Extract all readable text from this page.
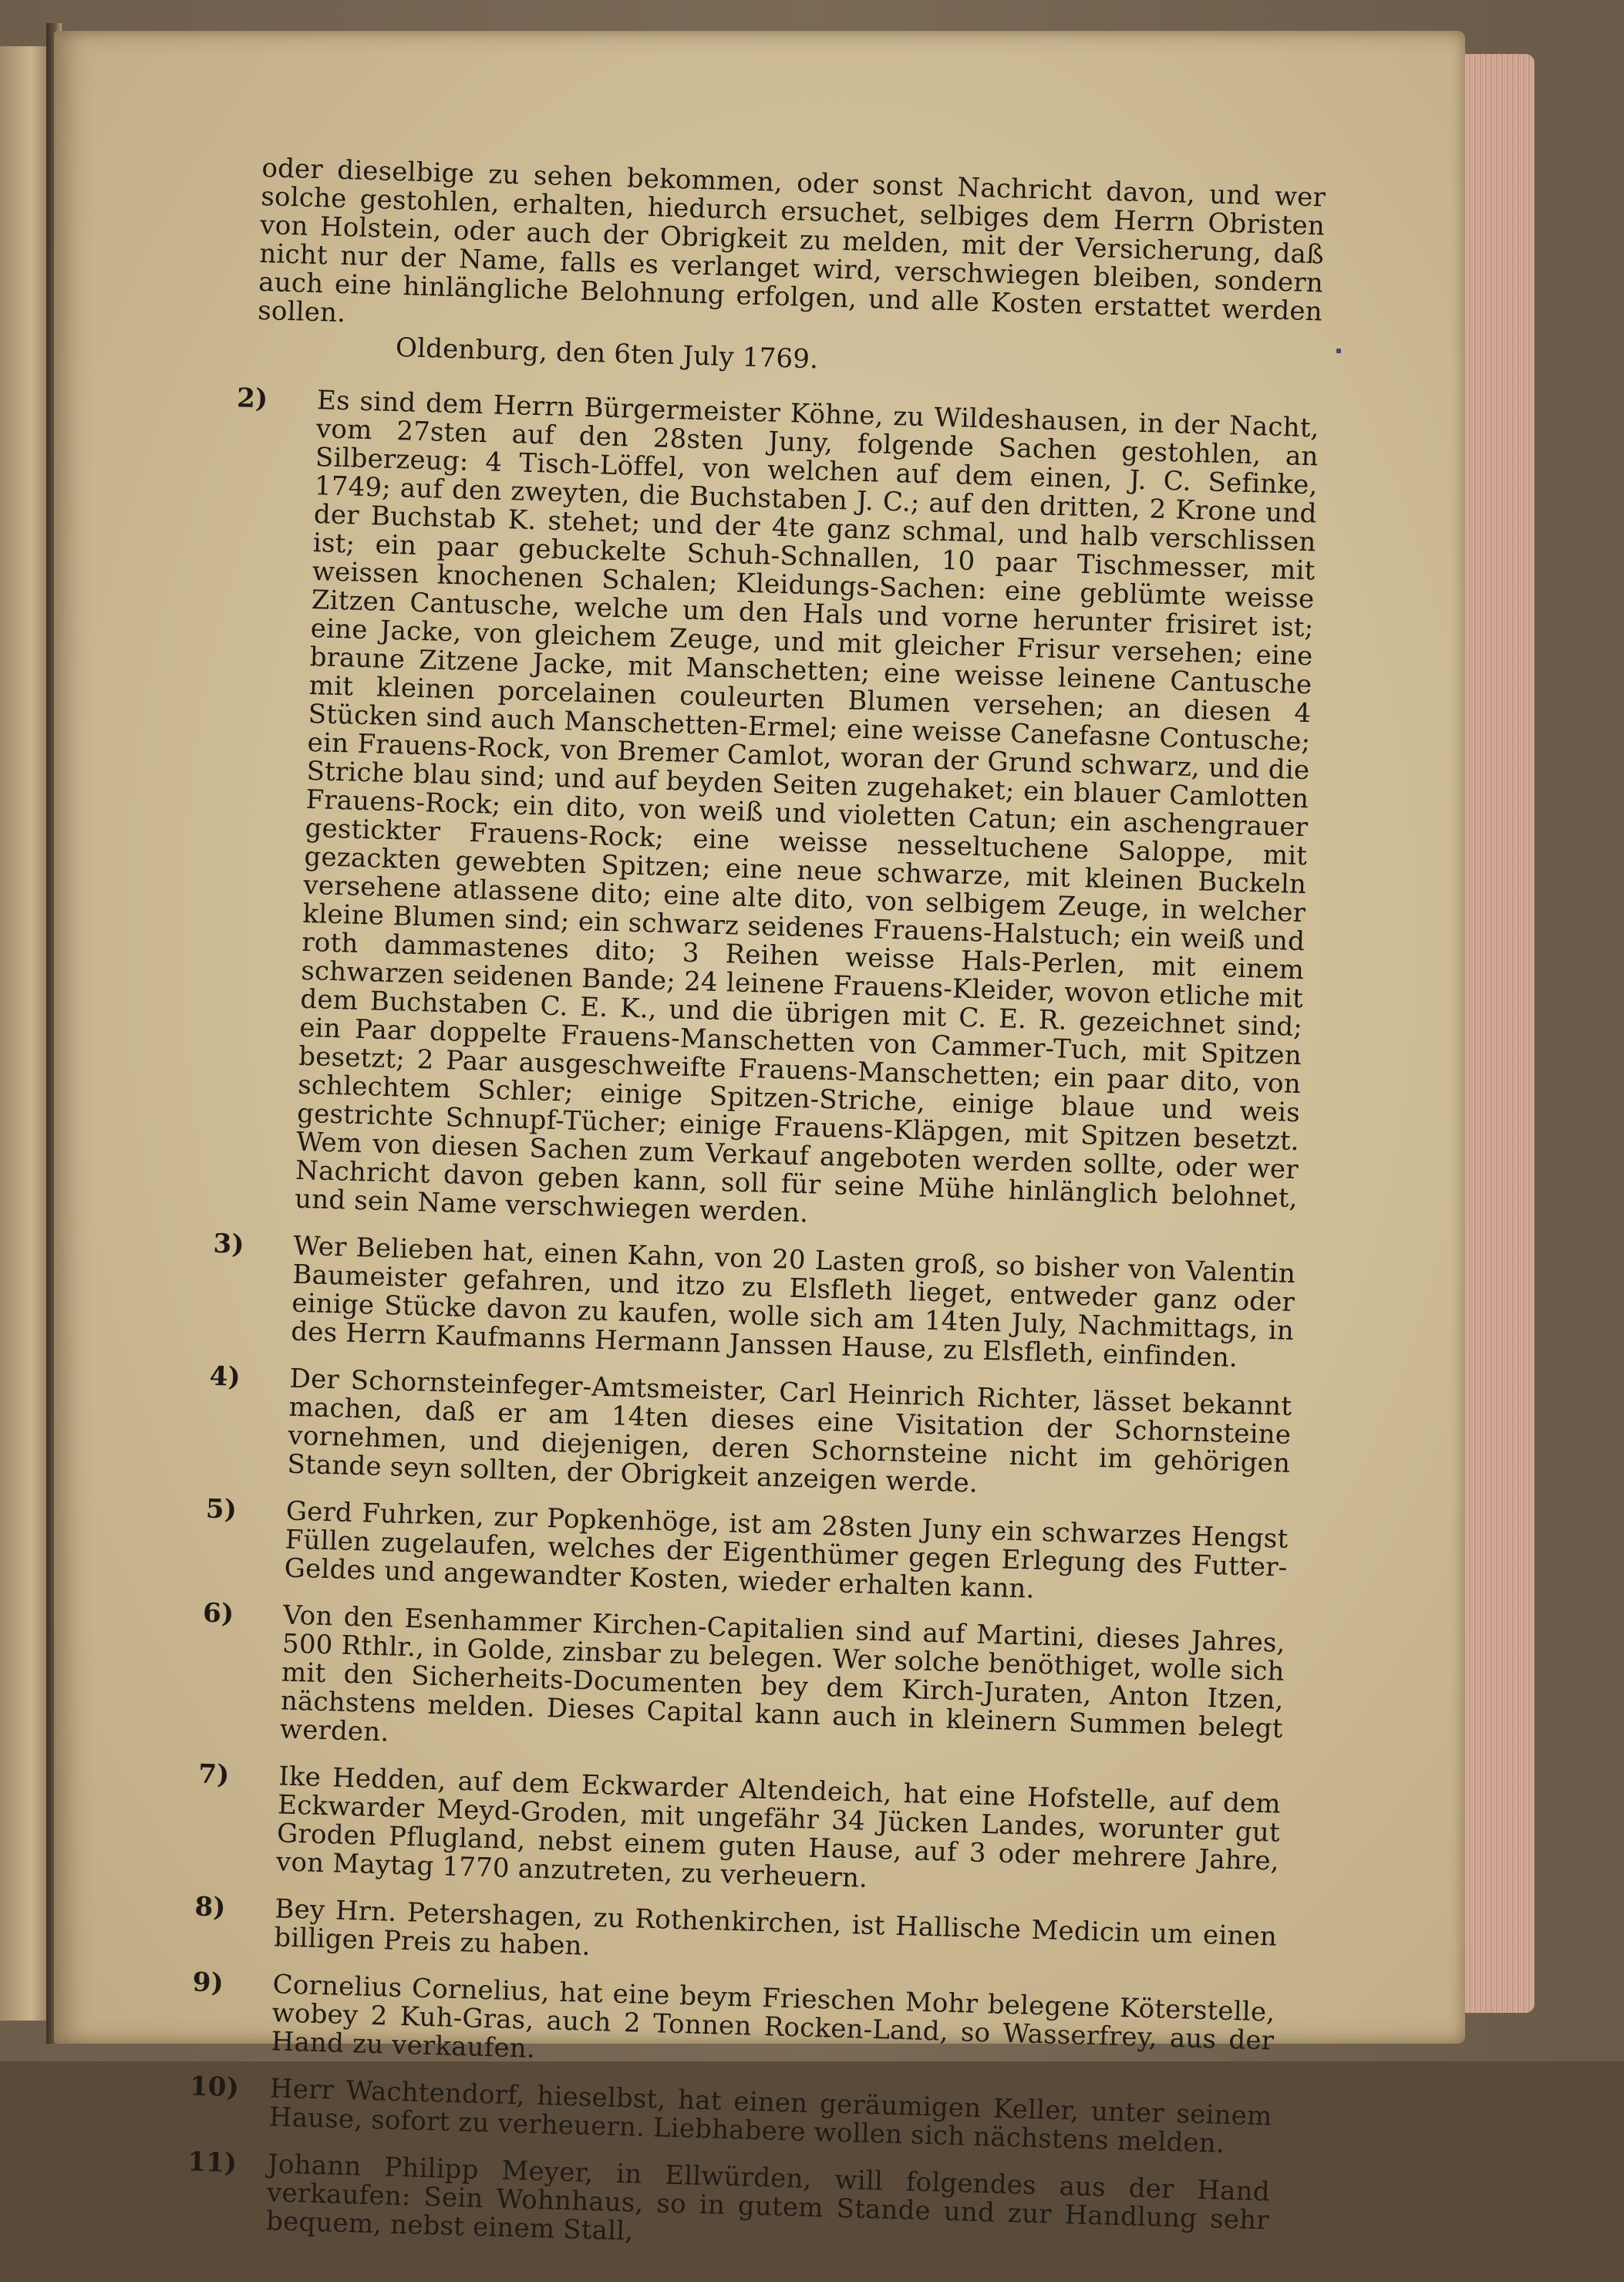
oder dieselbige zu sehen bekommen, oder sonst Nachricht davon, und wer solche gestohlen, erhalten, hiedurch ersuchet, selbiges dem Herrn Obristen von Holstein, oder auch der Obrigkeit zu melden, mit der Versicherung, daß nicht nur der Name, falls es verlanget wird, verschwiegen bleiben, sondern auch eine hinlängliche Belohnung erfolgen, und alle Kosten erstattet werden sollen.
Oldenburg, den 6ten July 1769.
2)	Es sind dem Herrn Bürgermeister Köhne, zu Wildeshausen, in der Nacht, vom 27sten auf den 28sten Juny, folgende Sachen gestohlen, an Silberzeug: 4 Tisch-Löffel, von welchen auf dem einen, J. C. Sefinke, 1749; auf den zweyten, die Buchstaben J. C.; auf den dritten, 2 Krone und der Buchstab K. stehet; und der 4te ganz schmal, und halb verschlissen ist; ein paar gebuckelte Schuh-Schnallen, 10 paar Tischmesser, mit weissen knochenen Schalen; Kleidungs-Sachen: eine geblümte weisse Zitzen Cantusche, welche um den Hals und vorne herunter frisiret ist; eine Jacke, von gleichem Zeuge, und mit gleicher Frisur versehen; eine braune Zitzene Jacke, mit Manschetten; eine weisse leinene Cantusche mit kleinen porcelainen couleurten Blumen versehen; an diesen 4 Stücken sind auch Manschetten-Ermel; eine weisse Canefasne Contusche; ein Frauens-Rock, von Bremer Camlot, woran der Grund schwarz, und die Striche blau sind; und auf beyden Seiten zugehaket; ein blauer Camlotten Frauens-Rock; ein dito, von weiß und violetten Catun; ein aschengrauer gestickter Frauens-Rock; eine weisse nesseltuchene Saloppe, mit gezackten gewebten Spitzen; eine neue schwarze, mit kleinen Buckeln versehene atlassene dito; eine alte dito, von selbigem Zeuge, in welcher kleine Blumen sind; ein schwarz seidenes Frauens-Halstuch; ein weiß und roth dammastenes dito; 3 Reihen weisse Hals-Perlen, mit einem schwarzen seidenen Bande; 24 leinene Frauens-Kleider, wovon etliche mit dem Buchstaben C. E. K., und die übrigen mit C. E. R. gezeichnet sind; ein Paar doppelte Frauens-Manschetten von Cammer-Tuch, mit Spitzen besetzt; 2 Paar ausgeschweifte Frauens-Manschetten; ein paar dito, von schlechtem Schler; einige Spitzen-Striche, einige blaue und weis gestrichte Schnupf-Tücher; einige Frauens-Kläpgen, mit Spitzen besetzt. Wem von diesen Sachen zum Verkauf angeboten werden sollte, oder wer Nachricht davon geben kann, soll für seine Mühe hinlänglich belohnet, und sein Name verschwiegen werden.
3)	Wer Belieben hat, einen Kahn, von 20 Lasten groß, so bisher von Valentin Baumeister gefahren, und itzo zu Elsfleth lieget, entweder ganz oder einige Stücke davon zu kaufen, wolle sich am 14ten July, Nachmittags, in des Herrn Kaufmanns Hermann Janssen Hause, zu Elsfleth, einfinden.
4)	Der Schornsteinfeger-Amtsmeister, Carl Heinrich Richter, lässet bekannt machen, daß er am 14ten dieses eine Visitation der Schornsteine vornehmen, und diejenigen, deren Schornsteine nicht im gehörigen Stande seyn sollten, der Obrigkeit anzeigen werde.
5)	Gerd Fuhrken, zur Popkenhöge, ist am 28sten Juny ein schwarzes Hengst Füllen zugelaufen, welches der Eigenthümer gegen Erlegung des Futter-Geldes und angewandter Kosten, wieder erhalten kann.
6)	Von den Esenhammer Kirchen-Capitalien sind auf Martini, dieses Jahres, 500 Rthlr., in Golde, zinsbar zu belegen. Wer solche benöthiget, wolle sich mit den Sicherheits-Documenten bey dem Kirch-Juraten, Anton Itzen, nächstens melden. Dieses Capital kann auch in kleinern Summen belegt werden.
7)	Ike Hedden, auf dem Eckwarder Altendeich, hat eine Hofstelle, auf dem Eckwarder Meyd-Groden, mit ungefähr 34 Jücken Landes, worunter gut Groden Pflugland, nebst einem guten Hause, auf 3 oder mehrere Jahre, von Maytag 1770 anzutreten, zu verheuern.
8)	Bey Hrn. Petershagen, zu Rothenkirchen, ist Hallische Medicin um einen billigen Preis zu haben.
9)	Cornelius Cornelius, hat eine beym Frieschen Mohr belegene Köterstelle, wobey 2 Kuh-Gras, auch 2 Tonnen Rocken-Land, so Wasserfrey, aus der Hand zu verkaufen.
10)	Herr Wachtendorf, hieselbst, hat einen geräumigen Keller, unter seinem Hause, sofort zu verheuern. Liebhabere wollen sich nächstens melden.
11)	Johann Philipp Meyer, in Ellwürden, will folgendes aus der Hand verkaufen: Sein Wohnhaus, so in gutem Stande und zur Handlung sehr bequem, nebst einem Stall,
